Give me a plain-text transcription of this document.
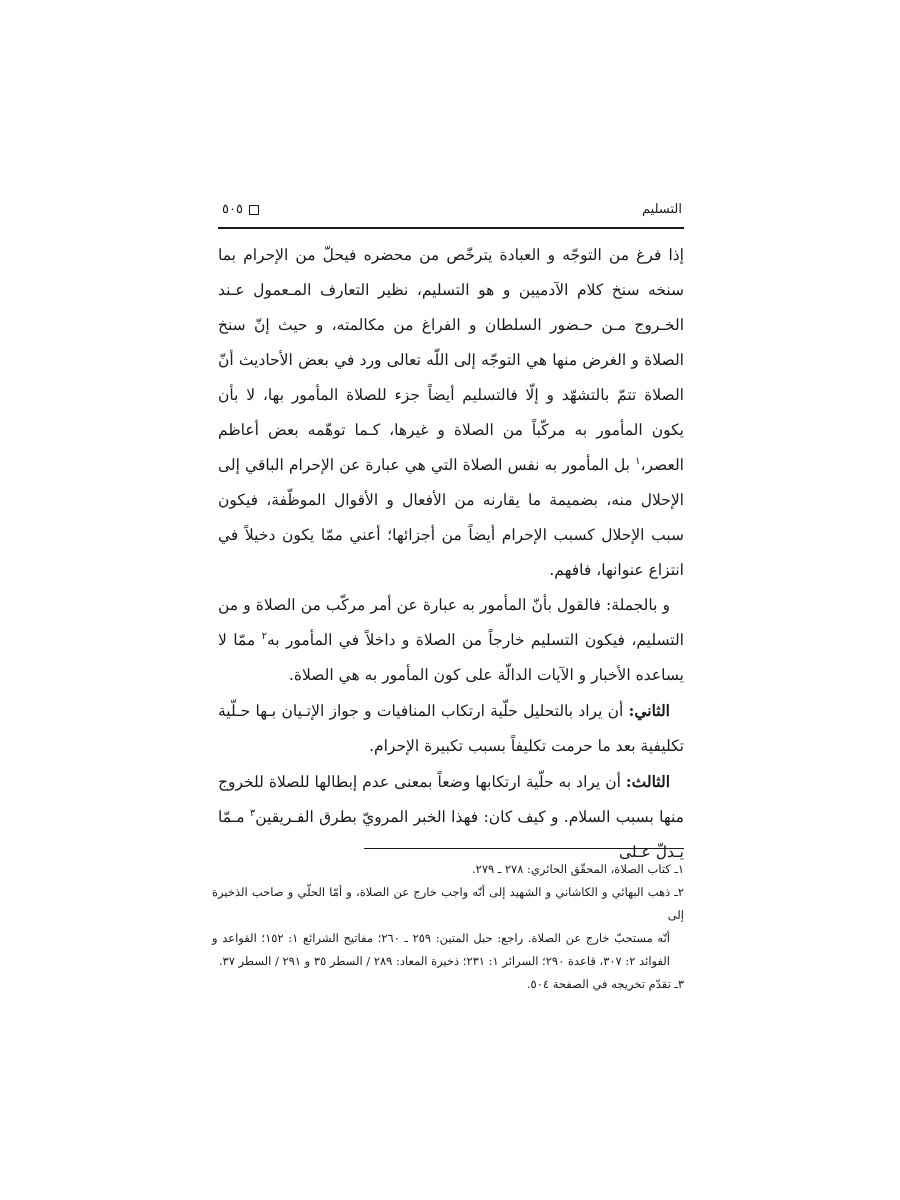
التسليم
٥٠٥

إذا فرغ من التوجّه و العبادة يترخّص من محضره فيحلّ من الإحرام بما سنخه سنخ كلام الآدميين و هو التسليم، نظير التعارف المـعمول عـند الخـروج مـن حـضور السلطان و الفراغ من مكالمته، و حيث إنّ سنخ الصلاة و الغرض منها هي التوجّه إلى اللّه تعالى ورد في بعض الأحاديث أنّ الصلاة تتمّ بالتشهّد و إلّا فالتسليم أيضاً جزء للصلاة المأمور بها، لا بأن يكون المأمور به مركّباً من الصلاة و غيرها، كـما توهّمه بعض أعاظم العصر،$^١$ بل المأمور به نفس الصلاة التي هي عبارة عن الإحرام الباقي إلى الإحلال منه، بضميمة ما يقارنه من الأفعال و الأقوال الموظّفة، فيكون سبب الإحلال كسبب الإحرام أيضاً من أجزائها؛ أعني ممّا يكون دخيلاً في انتزاع عنوانها، فافهم.

و بالجملة: فالقول بأنّ المأمور به عبارة عن أمر مركّب من الصلاة و من التسليم، فيكون التسليم خارجاً من الصلاة و داخلاً في المأمور به$^٢$ ممّا لا يساعده الأخبار و الآيات الدالّة على كون المأمور به هي الصلاة.

الثاني: أن يراد بالتحليل حلّية ارتكاب المنافيات و جواز الإتـيان بـها حـلّية تكليفية بعد ما حرمت تكليفاً بسبب تكبيرة الإحرام.

الثالث: أن يراد به حلّية ارتكابها وضعاً بمعنى عدم إبطالها للصلاة للخروج منها بسبب السلام. و كيف كان: فهذا الخبر المرويّ بطرق الفـريقين$^٣$ مـمّا يـدلّ عـلى

١ـ كتاب الصلاة، المحقّق الحائري: ٢٧٨ ـ ٢٧٩.

٢ـ ذهب البهائي و الكاشاني و الشهيد إلى أنّه واجب خارج عن الصلاة، و أمّا الحلّي و صاحب الذخيرة إلى

أنّه مستحبّ خارج عن الصلاة. راجع: حبل المتين: ٢٥٩ ـ ٢٦٠؛ مفاتيح الشرائع ١: ١٥٢؛ القواعد و الفوائد ٢: ٣٠٧، قاعدة ٢٩٠؛ السرائر ١: ٢٣١؛ ذخيرة المعاد: ٢٨٩ / السطر ٣٥ و ٢٩١ / السطر ٣٧.

٣ـ تقدّم تخريجه في الصفحة ٥٠٤.
